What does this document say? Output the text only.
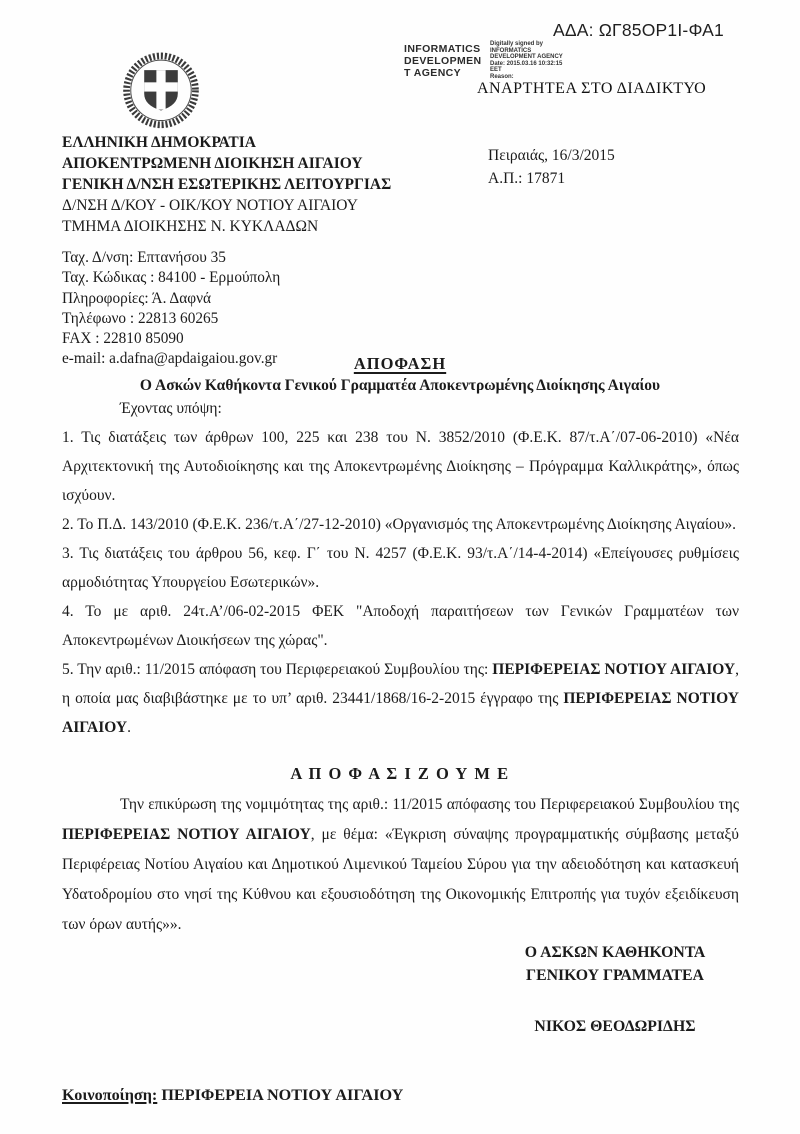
ΑΔΑ: ΩΓ85ΟΡ1Ι-ΦΑ1
INFORMATICS
DEVELOPMEN
T AGENCY
Digitally signed by
INFORMATICS
DEVELOPMENT AGENCY
Date: 2015.03.16 10:32:15
EET
Reason:
ΑΝΑΡΤΗΤΕΑ ΣΤΟ ΔΙΑΔΙΚΤΥΟ
ΕΛΛΗΝΙΚΗ ΔΗΜΟΚΡΑΤΙΑ
ΑΠΟΚΕΝΤΡΩΜΕΝΗ ΔΙΟΙΚΗΣΗ ΑΙΓΑΙΟΥ
ΓΕΝΙΚΗ Δ/ΝΣΗ ΕΣΩΤΕΡΙΚΗΣ ΛΕΙΤΟΥΡΓΙΑΣ
Δ/ΝΣΗ Δ/ΚΟΥ - ΟΙΚ/ΚΟΥ ΝΟΤΙΟΥ ΑΙΓΑΙΟΥ
ΤΜΗΜΑ ΔΙΟΙΚΗΣΗΣ Ν. ΚΥΚΛΑΔΩΝ
Πειραιάς, 16/3/2015
Α.Π.: 17871
Ταχ. Δ/νση: Επτανήσου 35
Ταχ. Κώδικας : 84100 - Ερμούπολη
Πληροφορίες: Ά. Δαφνά
Τηλέφωνο : 22813 60265
FAX : 22810 85090
e-mail: a.dafna@apdaigaiou.gov.gr	ΑΠΟΦΑΣΗ
Ο Ασκών Καθήκοντα Γενικού Γραμματέα Αποκεντρωμένης Διοίκησης Αιγαίου
Έχοντας υπόψη:

1. Τις διατάξεις των άρθρων 100, 225 και 238 του Ν. 3852/2010 (Φ.Ε.Κ. 87/τ.Α΄/07-06-2010) «Νέα Αρχιτεκτονική της Αυτοδιοίκησης και της Αποκεντρωμένης Διοίκησης – Πρόγραμμα Καλλικράτης», όπως ισχύουν.

2. Το Π.Δ. 143/2010 (Φ.Ε.Κ. 236/τ.Α΄/27-12-2010) «Οργανισμός της Αποκεντρωμένης Διοίκησης Αιγαίου».

3. Τις διατάξεις του άρθρου 56, κεφ. Γ΄ του Ν. 4257 (Φ.Ε.Κ. 93/τ.Α΄/14-4-2014) «Επείγουσες ρυθμίσεις αρμοδιότητας Υπουργείου Εσωτερικών».

4. Το με αριθ. 24τ.Α’/06-02-2015 ΦΕΚ "Αποδοχή παραιτήσεων των Γενικών Γραμματέων των Αποκεντρωμένων Διοικήσεων της χώρας".

5. Την αριθ.: 11/2015 απόφαση του Περιφερειακού Συμβουλίου της: ΠΕΡΙΦΕΡΕΙΑΣ ΝΟΤΙΟΥ ΑΙΓΑΙΟΥ, η οποία μας διαβιβάστηκε με το υπ’ αριθ. 23441/1868/16-2-2015 έγγραφο της ΠΕΡΙΦΕΡΕΙΑΣ ΝΟΤΙΟΥ ΑΙΓΑΙΟΥ.

Α Π Ο Φ Α Σ Ι Ζ Ο Υ Μ Ε

Την επικύρωση της νομιμότητας της αριθ.: 11/2015 απόφασης του Περιφερειακού Συμβουλίου της ΠΕΡΙΦΕΡΕΙΑΣ ΝΟΤΙΟΥ ΑΙΓΑΙΟΥ, με θέμα: «Έγκριση σύναψης προγραμματικής σύμβασης μεταξύ Περιφέρειας Νοτίου Αιγαίου και Δημοτικού Λιμενικού Ταμείου Σύρου για την αδειοδότηση και κατασκευή Υδατοδρομίου στο νησί της Κύθνου και εξουσιοδότηση της Οικονομικής Επιτροπής για τυχόν εξειδίκευση των όρων αυτής»».

Ο ΑΣΚΩΝ ΚΑΘΗΚΟΝΤΑ
ΓΕΝΙΚΟΥ ΓΡΑΜΜΑΤΕΑ
ΝΙΚΟΣ ΘΕΟΔΩΡΙΔΗΣ
Κοινοποίηση: ΠΕΡΙΦΕΡΕΙΑ ΝΟΤΙΟΥ ΑΙΓΑΙΟΥ
